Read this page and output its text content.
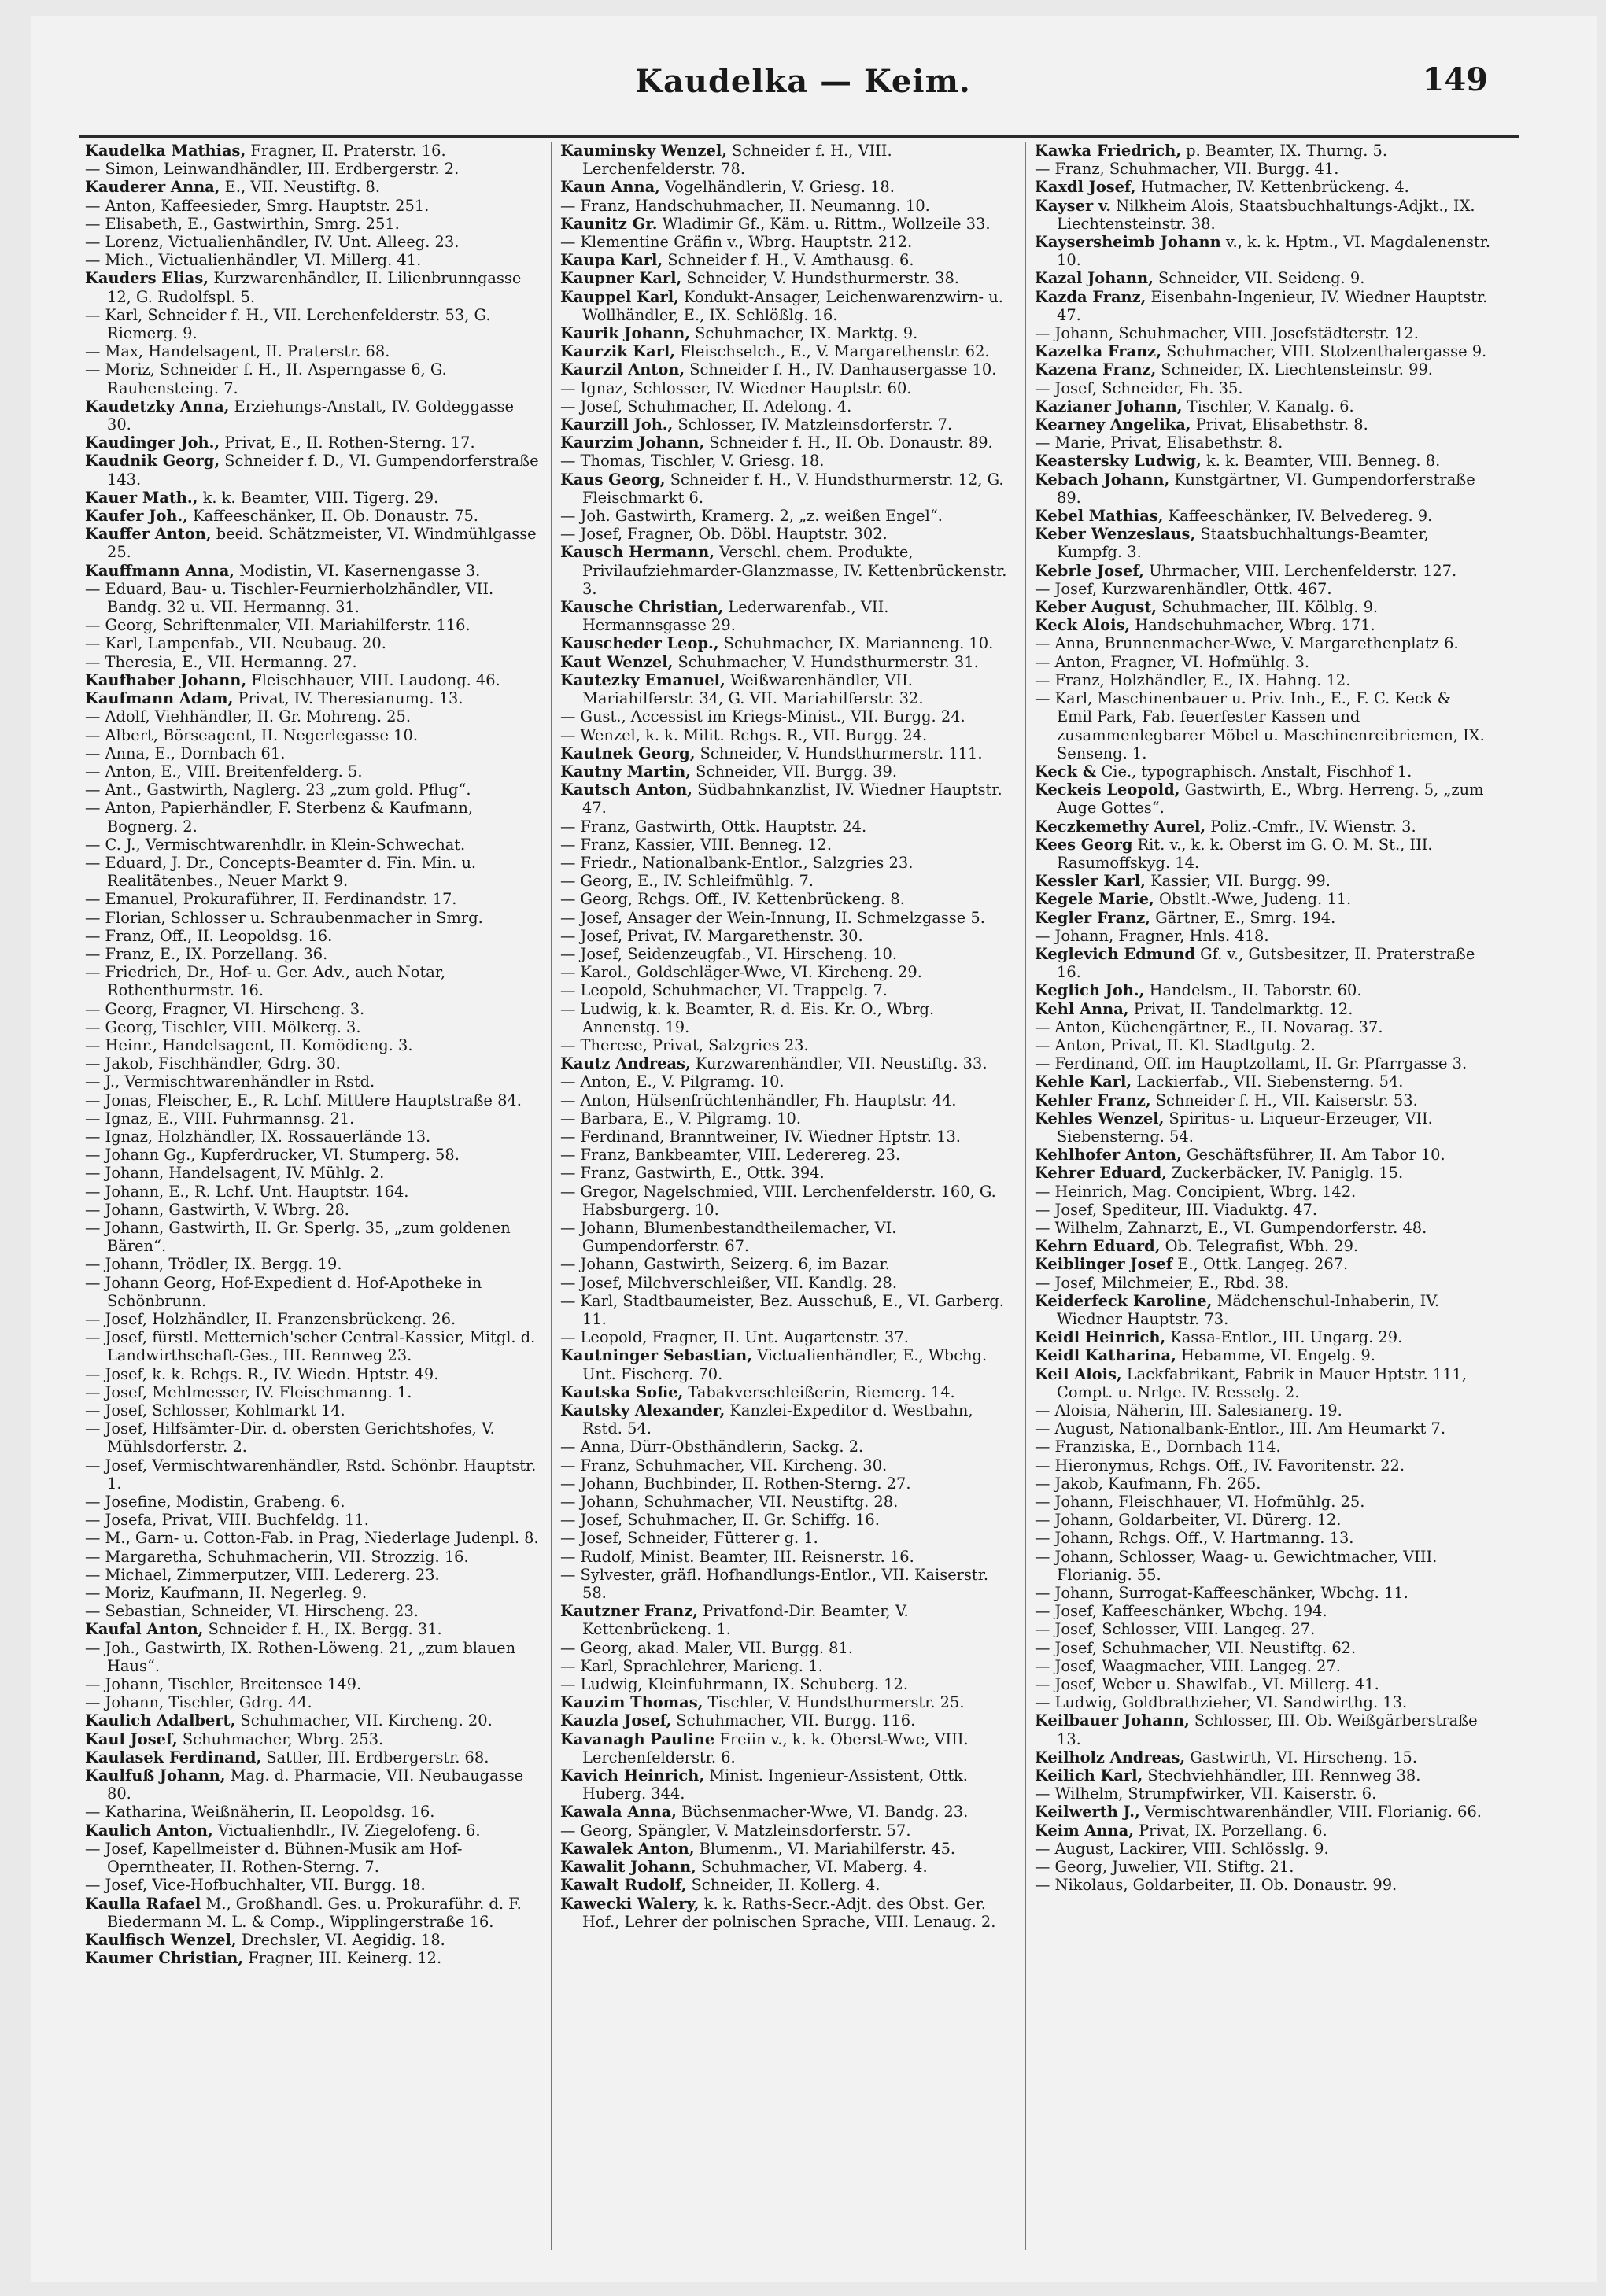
Kaudelka — Keim.	149
Kaudelka Mathias, Fragner, II. Praterstr. 16.
— Simon, Leinwandhändler, III. Erdbergerstr. 2.
Kauderer Anna, E., VII. Neustiftg. 8.
— Anton, Kaffeesieder, Smrg. Hauptstr. 251.
— Elisabeth, E., Gastwirthin, Smrg. 251.
— Lorenz, Victualienhändler, IV. Unt. Alleeg. 23.
— Mich., Victualienhändler, VI. Millerg. 41.
Kauders Elias, Kurzwarenhändler, II. Lilienbrunngasse 12, G. Rudolfspl. 5.
— Karl, Schneider f. H., VII. Lerchenfelderstr. 53, G. Riemerg. 9.
— Max, Handelsagent, II. Praterstr. 68.
— Moriz, Schneider f. H., II. Asperngasse 6, G. Rauhensteing. 7.
Kaudetzky Anna, Erziehungs-Anstalt, IV. Goldeggasse 30.
Kaudinger Joh., Privat, E., II. Rothen-Sterng. 17.
Kaudnik Georg, Schneider f. D., VI. Gumpendorferstraße 143.
Kauer Math., k. k. Beamter, VIII. Tigerg. 29.
Kaufer Joh., Kaffeeschänker, II. Ob. Donaustr. 75.
Kauffer Anton, beeid. Schätzmeister, VI. Windmühlgasse 25.
Kauffmann Anna, Modistin, VI. Kasernengasse 3.
— Eduard, Bau- u. Tischler-Feurnierholzhändler, VII. Bandg. 32 u. VII. Hermanng. 31.
— Georg, Schriftenmaler, VII. Mariahilferstr. 116.
— Karl, Lampenfab., VII. Neubaug. 20.
— Theresia, E., VII. Hermanng. 27.
Kaufhaber Johann, Fleischhauer, VIII. Laudong. 46.
Kaufmann Adam, Privat, IV. Theresianumg. 13.
— Adolf, Viehhändler, II. Gr. Mohreng. 25.
— Albert, Börseagent, II. Negerlegasse 10.
— Anna, E., Dornbach 61.
— Anton, E., VIII. Breitenfelderg. 5.
— Ant., Gastwirth, Naglerg. 23 „zum gold. Pflug“.
— Anton, Papierhändler, F. Sterbenz & Kaufmann, Bognerg. 2.
— C. J., Vermischtwarenhdlr. in Klein-Schwechat.
— Eduard, J. Dr., Concepts-Beamter d. Fin. Min. u. Realitätenbes., Neuer Markt 9.
— Emanuel, Prokuraführer, II. Ferdinandstr. 17.
— Florian, Schlosser u. Schraubenmacher in Smrg.
— Franz, Off., II. Leopoldsg. 16.
— Franz, E., IX. Porzellang. 36.
— Friedrich, Dr., Hof- u. Ger. Adv., auch Notar, Rothenthurmstr. 16.
— Georg, Fragner, VI. Hirscheng. 3.
— Georg, Tischler, VIII. Mölkerg. 3.
— Heinr., Handelsagent, II. Komödieng. 3.
— Jakob, Fischhändler, Gdrg. 30.
— J., Vermischtwarenhändler in Rstd.
— Jonas, Fleischer, E., R. Lchf. Mittlere Hauptstraße 84.
— Ignaz, E., VIII. Fuhrmannsg. 21.
— Ignaz, Holzhändler, IX. Rossauerlände 13.
— Johann Gg., Kupferdrucker, VI. Stumperg. 58.
— Johann, Handelsagent, IV. Mühlg. 2.
— Johann, E., R. Lchf. Unt. Hauptstr. 164.
— Johann, Gastwirth, V. Wbrg. 28.
— Johann, Gastwirth, II. Gr. Sperlg. 35, „zum goldenen Bären“.
— Johann, Trödler, IX. Bergg. 19.
— Johann Georg, Hof-Expedient d. Hof-Apotheke in Schönbrunn.
— Josef, Holzhändler, II. Franzensbrückeng. 26.
— Josef, fürstl. Metternich'scher Central-Kassier, Mitgl. d. Landwirthschaft-Ges., III. Rennweg 23.
— Josef, k. k. Rchgs. R., IV. Wiedn. Hptstr. 49.
— Josef, Mehlmesser, IV. Fleischmanng. 1.
— Josef, Schlosser, Kohlmarkt 14.
— Josef, Hilfsämter-Dir. d. obersten Gerichtshofes, V. Mühlsdorferstr. 2.
— Josef, Vermischtwarenhändler, Rstd. Schönbr. Hauptstr. 1.
— Josefine, Modistin, Grabeng. 6.
— Josefa, Privat, VIII. Buchfeldg. 11.
— M., Garn- u. Cotton-Fab. in Prag, Niederlage Judenpl. 8.
— Margaretha, Schuhmacherin, VII. Strozzig. 16.
— Michael, Zimmerputzer, VIII. Ledererg. 23.
— Moriz, Kaufmann, II. Negerleg. 9.
— Sebastian, Schneider, VI. Hirscheng. 23.
Kaufal Anton, Schneider f. H., IX. Bergg. 31.
— Joh., Gastwirth, IX. Rothen-Löweng. 21, „zum blauen Haus“.
— Johann, Tischler, Breitensee 149.
— Johann, Tischler, Gdrg. 44.
Kaulich Adalbert, Schuhmacher, VII. Kircheng. 20.
Kaul Josef, Schuhmacher, Wbrg. 253.
Kaulasek Ferdinand, Sattler, III. Erdbergerstr. 68.
Kaulfuß Johann, Mag. d. Pharmacie, VII. Neubaugasse 80.
— Katharina, Weißnäherin, II. Leopoldsg. 16.
Kaulich Anton, Victualienhdlr., IV. Ziegelofeng. 6.
— Josef, Kapellmeister d. Bühnen-Musik am Hof-Operntheater, II. Rothen-Sterng. 7.
— Josef, Vice-Hofbuchhalter, VII. Burgg. 18.
Kaulla Rafael M., Großhandl. Ges. u. Prokuraführ. d. F. Biedermann M. L. & Comp., Wipplingerstraße 16.
Kaulfisch Wenzel, Drechsler, VI. Aegidig. 18.
Kaumer Christian, Fragner, III. Keinerg. 12.
Kauminsky Wenzel, Schneider f. H., VIII. Lerchenfelderstr. 78.
Kaun Anna, Vogelhändlerin, V. Griesg. 18.
— Franz, Handschuhmacher, II. Neumanng. 10.
Kaunitz Gr. Wladimir Gf., Käm. u. Rittm., Wollzeile 33.
— Klementine Gräfin v., Wbrg. Hauptstr. 212.
Kaupa Karl, Schneider f. H., V. Amthausg. 6.
Kaupner Karl, Schneider, V. Hundsthurmerstr. 38.
Kauppel Karl, Kondukt-Ansager, Leichenwarenzwirn- u. Wollhändler, E., IX. Schlößlg. 16.
Kaurik Johann, Schuhmacher, IX. Marktg. 9.
Kaurzik Karl, Fleischselch., E., V. Margarethenstr. 62.
Kaurzil Anton, Schneider f. H., IV. Danhausergasse 10.
— Ignaz, Schlosser, IV. Wiedner Hauptstr. 60.
— Josef, Schuhmacher, II. Adelong. 4.
Kaurzill Joh., Schlosser, IV. Matzleinsdorferstr. 7.
Kaurzim Johann, Schneider f. H., II. Ob. Donaustr. 89.
— Thomas, Tischler, V. Griesg. 18.
Kaus Georg, Schneider f. H., V. Hundsthurmerstr. 12, G. Fleischmarkt 6.
— Joh. Gastwirth, Kramerg. 2, „z. weißen Engel“.
— Josef, Fragner, Ob. Döbl. Hauptstr. 302.
Kausch Hermann, Verschl. chem. Produkte, Privilaufziehmarder-Glanzmasse, IV. Kettenbrückenstr. 3.
Kausche Christian, Lederwarenfab., VII. Hermannsgasse 29.
Kauscheder Leop., Schuhmacher, IX. Marianneng. 10.
Kaut Wenzel, Schuhmacher, V. Hundsthurmerstr. 31.
Kautezky Emanuel, Weißwarenhändler, VII. Mariahilferstr. 34, G. VII. Mariahilferstr. 32.
— Gust., Accessist im Kriegs-Minist., VII. Burgg. 24.
— Wenzel, k. k. Milit. Rchgs. R., VII. Burgg. 24.
Kautnek Georg, Schneider, V. Hundsthurmerstr. 111.
Kautny Martin, Schneider, VII. Burgg. 39.
Kautsch Anton, Südbahnkanzlist, IV. Wiedner Hauptstr. 47.
— Franz, Gastwirth, Ottk. Hauptstr. 24.
— Franz, Kassier, VIII. Benneg. 12.
— Friedr., Nationalbank-Entlor., Salzgries 23.
— Georg, E., IV. Schleifmühlg. 7.
— Georg, Rchgs. Off., IV. Kettenbrückeng. 8.
— Josef, Ansager der Wein-Innung, II. Schmelzgasse 5.
— Josef, Privat, IV. Margarethenstr. 30.
— Josef, Seidenzeugfab., VI. Hirscheng. 10.
— Karol., Goldschläger-Wwe, VI. Kircheng. 29.
— Leopold, Schuhmacher, VI. Trappelg. 7.
— Ludwig, k. k. Beamter, R. d. Eis. Kr. O., Wbrg. Annenstg. 19.
— Therese, Privat, Salzgries 23.
Kautz Andreas, Kurzwarenhändler, VII. Neustiftg. 33.
— Anton, E., V. Pilgramg. 10.
— Anton, Hülsenfrüchtenhändler, Fh. Hauptstr. 44.
— Barbara, E., V. Pilgramg. 10.
— Ferdinand, Branntweiner, IV. Wiedner Hptstr. 13.
— Franz, Bankbeamter, VIII. Lederereg. 23.
— Franz, Gastwirth, E., Ottk. 394.
— Gregor, Nagelschmied, VIII. Lerchenfelderstr. 160, G. Habsburgerg. 10.
— Johann, Blumenbestandtheilemacher, VI. Gumpendorferstr. 67.
— Johann, Gastwirth, Seizerg. 6, im Bazar.
— Josef, Milchverschleißer, VII. Kandlg. 28.
— Karl, Stadtbaumeister, Bez. Ausschuß, E., VI. Garberg. 11.
— Leopold, Fragner, II. Unt. Augartenstr. 37.
Kautninger Sebastian, Victualienhändler, E., Wbchg. Unt. Fischerg. 70.
Kautska Sofie, Tabakverschleißerin, Riemerg. 14.
Kautsky Alexander, Kanzlei-Expeditor d. Westbahn, Rstd. 54.
— Anna, Dürr-Obsthändlerin, Sackg. 2.
— Franz, Schuhmacher, VII. Kircheng. 30.
— Johann, Buchbinder, II. Rothen-Sterng. 27.
— Johann, Schuhmacher, VII. Neustiftg. 28.
— Josef, Schuhmacher, II. Gr. Schiffg. 16.
— Josef, Schneider, Fütterer g. 1.
— Rudolf, Minist. Beamter, III. Reisnerstr. 16.
— Sylvester, gräfl. Hofhandlungs-Entlor., VII. Kaiserstr. 58.
Kautzner Franz, Privatfond-Dir. Beamter, V. Kettenbrückeng. 1.
— Georg, akad. Maler, VII. Burgg. 81.
— Karl, Sprachlehrer, Marieng. 1.
— Ludwig, Kleinfuhrmann, IX. Schuberg. 12.
Kauzim Thomas, Tischler, V. Hundsthurmerstr. 25.
Kauzla Josef, Schuhmacher, VII. Burgg. 116.
Kavanagh Pauline Freiin v., k. k. Oberst-Wwe, VIII. Lerchenfelderstr. 6.
Kavich Heinrich, Minist. Ingenieur-Assistent, Ottk. Huberg. 344.
Kawala Anna, Büchsenmacher-Wwe, VI. Bandg. 23.
— Georg, Spängler, V. Matzleinsdorferstr. 57.
Kawalek Anton, Blumenm., VI. Mariahilferstr. 45.
Kawalit Johann, Schuhmacher, VI. Maberg. 4.
Kawalt Rudolf, Schneider, II. Kollerg. 4.
Kawecki Walery, k. k. Raths-Secr.-Adjt. des Obst. Ger. Hof., Lehrer der polnischen Sprache, VIII. Lenaug. 2.
Kawka Friedrich, p. Beamter, IX. Thurng. 5.
— Franz, Schuhmacher, VII. Burgg. 41.
Kaxdl Josef, Hutmacher, IV. Kettenbrückeng. 4.
Kayser v. Nilkheim Alois, Staatsbuchhaltungs-Adjkt., IX. Liechtensteinstr. 38.
Kaysersheimb Johann v., k. k. Hptm., VI. Magdalenenstr. 10.
Kazal Johann, Schneider, VII. Seideng. 9.
Kazda Franz, Eisenbahn-Ingenieur, IV. Wiedner Hauptstr. 47.
— Johann, Schuhmacher, VIII. Josefstädterstr. 12.
Kazelka Franz, Schuhmacher, VIII. Stolzenthalergasse 9.
Kazena Franz, Schneider, IX. Liechtensteinstr. 99.
— Josef, Schneider, Fh. 35.
Kazianer Johann, Tischler, V. Kanalg. 6.
Kearney Angelika, Privat, Elisabethstr. 8.
— Marie, Privat, Elisabethstr. 8.
Keastersky Ludwig, k. k. Beamter, VIII. Benneg. 8.
Kebach Johann, Kunstgärtner, VI. Gumpendorferstraße 89.
Kebel Mathias, Kaffeeschänker, IV. Belvedereg. 9.
Keber Wenzeslaus, Staatsbuchhaltungs-Beamter, Kumpfg. 3.
Kebrle Josef, Uhrmacher, VIII. Lerchenfelderstr. 127.
— Josef, Kurzwarenhändler, Ottk. 467.
Keber August, Schuhmacher, III. Kölblg. 9.
Keck Alois, Handschuhmacher, Wbrg. 171.
— Anna, Brunnenmacher-Wwe, V. Margarethenplatz 6.
— Anton, Fragner, VI. Hofmühlg. 3.
— Franz, Holzhändler, E., IX. Hahng. 12.
— Karl, Maschinenbauer u. Priv. Inh., E., F. C. Keck & Emil Park, Fab. feuerfester Kassen und zusammenlegbarer Möbel u. Maschinenreibriemen, IX. Senseng. 1.
Keck & Cie., typographisch. Anstalt, Fischhof 1.
Keckeis Leopold, Gastwirth, E., Wbrg. Herreng. 5, „zum Auge Gottes“.
Keczkemethy Aurel, Poliz.-Cmfr., IV. Wienstr. 3.
Kees Georg Rit. v., k. k. Oberst im G. O. M. St., III. Rasumoffskyg. 14.
Kessler Karl, Kassier, VII. Burgg. 99.
Kegele Marie, Obstlt.-Wwe, Judeng. 11.
Kegler Franz, Gärtner, E., Smrg. 194.
— Johann, Fragner, Hnls. 418.
Keglevich Edmund Gf. v., Gutsbesitzer, II. Praterstraße 16.
Keglich Joh., Handelsm., II. Taborstr. 60.
Kehl Anna, Privat, II. Tandelmarktg. 12.
— Anton, Küchengärtner, E., II. Novarag. 37.
— Anton, Privat, II. Kl. Stadtgutg. 2.
— Ferdinand, Off. im Hauptzollamt, II. Gr. Pfarrgasse 3.
Kehle Karl, Lackierfab., VII. Siebensterng. 54.
Kehler Franz, Schneider f. H., VII. Kaiserstr. 53.
Kehles Wenzel, Spiritus- u. Liqueur-Erzeuger, VII. Siebensterng. 54.
Kehlhofer Anton, Geschäftsführer, II. Am Tabor 10.
Kehrer Eduard, Zuckerbäcker, IV. Paniglg. 15.
— Heinrich, Mag. Concipient, Wbrg. 142.
— Josef, Spediteur, III. Viaduktg. 47.
— Wilhelm, Zahnarzt, E., VI. Gumpendorferstr. 48.
Kehrn Eduard, Ob. Telegrafist, Wbh. 29.
Keiblinger Josef E., Ottk. Langeg. 267.
— Josef, Milchmeier, E., Rbd. 38.
Keiderfeck Karoline, Mädchenschul-Inhaberin, IV. Wiedner Hauptstr. 73.
Keidl Heinrich, Kassa-Entlor., III. Ungarg. 29.
Keidl Katharina, Hebamme, VI. Engelg. 9.
Keil Alois, Lackfabrikant, Fabrik in Mauer Hptstr. 111, Compt. u. Nrlge. IV. Resselg. 2.
— Aloisia, Näherin, III. Salesianerg. 19.
— August, Nationalbank-Entlor., III. Am Heumarkt 7.
— Franziska, E., Dornbach 114.
— Hieronymus, Rchgs. Off., IV. Favoritenstr. 22.
— Jakob, Kaufmann, Fh. 265.
— Johann, Fleischhauer, VI. Hofmühlg. 25.
— Johann, Goldarbeiter, VI. Dürerg. 12.
— Johann, Rchgs. Off., V. Hartmanng. 13.
— Johann, Schlosser, Waag- u. Gewichtmacher, VIII. Florianig. 55.
— Johann, Surrogat-Kaffeeschänker, Wbchg. 11.
— Josef, Kaffeeschänker, Wbchg. 194.
— Josef, Schlosser, VIII. Langeg. 27.
— Josef, Schuhmacher, VII. Neustiftg. 62.
— Josef, Waagmacher, VIII. Langeg. 27.
— Josef, Weber u. Shawlfab., VI. Millerg. 41.
— Ludwig, Goldbrathzieher, VI. Sandwirthg. 13.
Keilbauer Johann, Schlosser, III. Ob. Weißgärberstraße 13.
Keilholz Andreas, Gastwirth, VI. Hirscheng. 15.
Keilich Karl, Stechviehhändler, III. Rennweg 38.
— Wilhelm, Strumpfwirker, VII. Kaiserstr. 6.
Keilwerth J., Vermischtwarenhändler, VIII. Florianig. 66.
Keim Anna, Privat, IX. Porzellang. 6.
— August, Lackirer, VIII. Schlösslg. 9.
— Georg, Juwelier, VII. Stiftg. 21.
— Nikolaus, Goldarbeiter, II. Ob. Donaustr. 99.
